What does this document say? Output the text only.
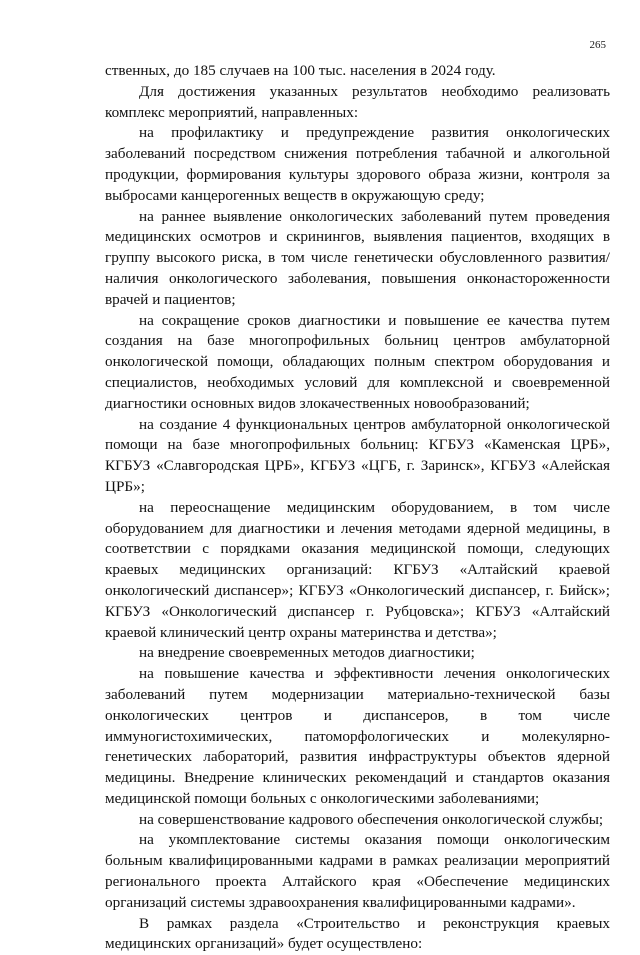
265

ственных, до 185 случаев на 100 тыс. населения в 2024 году.

Для достижения указанных результатов необходимо реализовать комплекс мероприятий, направленных:

на профилактику и предупреждение развития онкологических заболеваний посредством снижения потребления табачной и алкогольной продукции, формирования культуры здорового образа жизни, контроля за выбросами канцерогенных веществ в окружающую среду;

на раннее выявление онкологических заболеваний путем проведения медицинских осмотров и скринингов, выявления пациентов, входящих в группу высокого риска, в том числе генетически обусловленного развития/наличия онкологического заболевания, повышения онконастороженности врачей и пациентов;

на сокращение сроков диагностики и повышение ее качества путем создания на базе многопрофильных больниц центров амбулаторной онкологической помощи, обладающих полным спектром оборудования и специалистов, необходимых условий для комплексной и своевременной диагностики основных видов злокачественных новообразований;

на создание 4 функциональных центров амбулаторной онкологической помощи на базе многопрофильных больниц: КГБУЗ «Каменская ЦРБ», КГБУЗ «Славгородская ЦРБ», КГБУЗ «ЦГБ, г. Заринск», КГБУЗ «Алейская ЦРБ»;

на переоснащение медицинским оборудованием, в том числе оборудованием для диагностики и лечения методами ядерной медицины, в соответствии с порядками оказания медицинской помощи, следующих краевых медицинских организаций: КГБУЗ «Алтайский краевой онкологический диспансер»; КГБУЗ «Онкологический диспансер, г. Бийск»; КГБУЗ «Онкологический диспансер г. Рубцовска»; КГБУЗ «Алтайский краевой клинический центр охраны материнства и детства»;

на внедрение своевременных методов диагностики;

на повышение качества и эффективности лечения онкологических заболеваний путем модернизации материально-технической базы онкологических центров и диспансеров, в том числе иммуногистохимических, патоморфологических и молекулярно-генетических лабораторий, развития инфраструктуры объектов ядерной медицины. Внедрение клинических рекомендаций и стандартов оказания медицинской помощи больных с онкологическими заболеваниями;

на совершенствование кадрового обеспечения онкологической службы;

на укомплектование системы оказания помощи онкологическим больным квалифицированными кадрами в рамках реализации мероприятий регионального проекта Алтайского края «Обеспечение медицинских организаций системы здравоохранения квалифицированными кадрами».

В рамках раздела «Строительство и реконструкция краевых медицинских организаций» будет осуществлено:
